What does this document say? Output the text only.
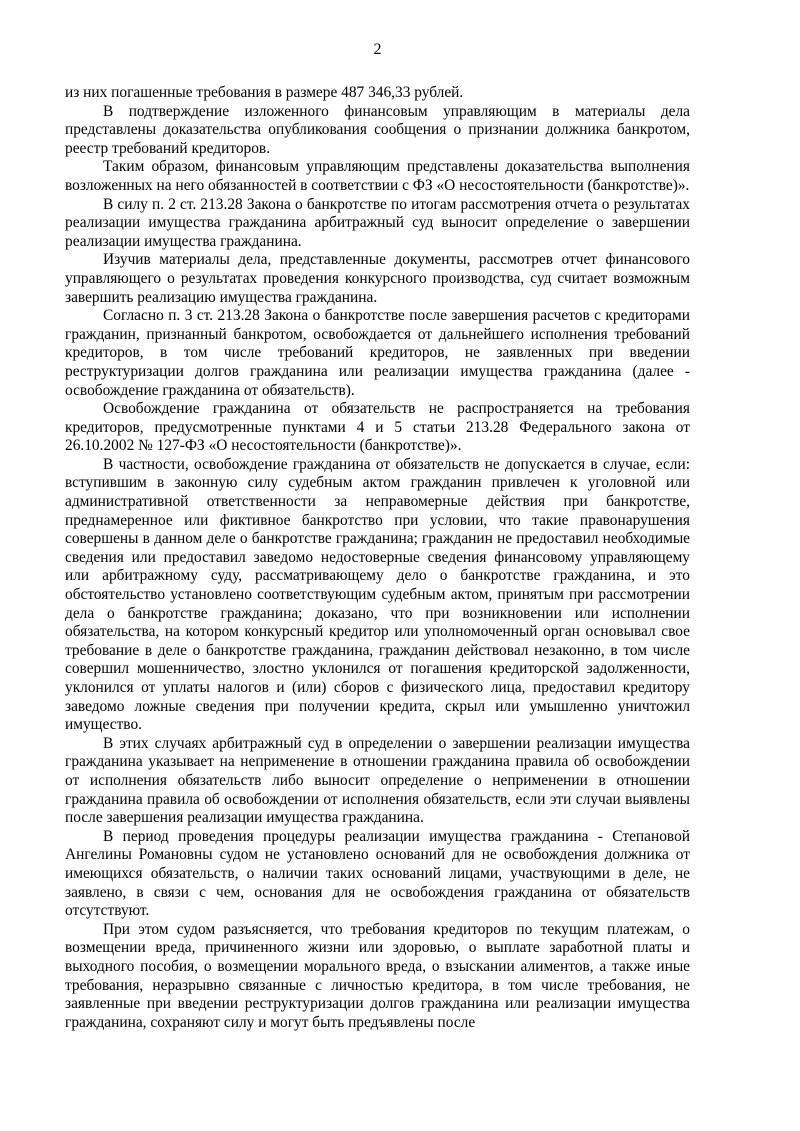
2

из них погашенные требования в размере 487 346,33 рублей.

В подтверждение изложенного финансовым управляющим в материалы дела представлены доказательства опубликования сообщения о признании должника банкротом, реестр требований кредиторов.

Таким образом, финансовым управляющим представлены доказательства выполнения возложенных на него обязанностей в соответствии с ФЗ «О несостоятельности (банкротстве)».

В силу п. 2 ст. 213.28 Закона о банкротстве по итогам рассмотрения отчета о результатах реализации имущества гражданина арбитражный суд выносит определение о завершении реализации имущества гражданина.

Изучив материалы дела, представленные документы, рассмотрев отчет финансового управляющего о результатах проведения конкурсного производства, суд считает возможным завершить реализацию имущества гражданина.

Согласно п. 3 ст. 213.28 Закона о банкротстве после завершения расчетов с кредиторами гражданин, признанный банкротом, освобождается от дальнейшего исполнения требований кредиторов, в том числе требований кредиторов, не заявленных при введении реструктуризации долгов гражданина или реализации имущества гражданина (далее - освобождение гражданина от обязательств).

Освобождение гражданина от обязательств не распространяется на требования кредиторов, предусмотренные пунктами 4 и 5 статьи 213.28 Федерального закона от 26.10.2002 № 127-ФЗ «О несостоятельности (банкротстве)».

В частности, освобождение гражданина от обязательств не допускается в случае, если: вступившим в законную силу судебным актом гражданин привлечен к уголовной или административной ответственности за неправомерные действия при банкротстве, преднамеренное или фиктивное банкротство при условии, что такие правонарушения совершены в данном деле о банкротстве гражданина; гражданин не предоставил необходимые сведения или предоставил заведомо недостоверные сведения финансовому управляющему или арбитражному суду, рассматривающему дело о банкротстве гражданина, и это обстоятельство установлено соответствующим судебным актом, принятым при рассмотрении дела о банкротстве гражданина; доказано, что при возникновении или исполнении обязательства, на котором конкурсный кредитор или уполномоченный орган основывал свое требование в деле о банкротстве гражданина, гражданин действовал незаконно, в том числе совершил мошенничество, злостно уклонился от погашения кредиторской задолженности, уклонился от уплаты налогов и (или) сборов с физического лица, предоставил кредитору заведомо ложные сведения при получении кредита, скрыл или умышленно уничтожил имущество.

В этих случаях арбитражный суд в определении о завершении реализации имущества гражданина указывает на неприменение в отношении гражданина правила об освобождении от исполнения обязательств либо выносит определение о неприменении в отношении гражданина правила об освобождении от исполнения обязательств, если эти случаи выявлены после завершения реализации имущества гражданина.

В период проведения процедуры реализации имущества гражданина - Степановой Ангелины Романовны судом не установлено оснований для не освобождения должника от имеющихся обязательств, о наличии таких оснований лицами, участвующими в деле, не заявлено, в связи с чем, основания для не освобождения гражданина от обязательств отсутствуют.

При этом судом разъясняется, что требования кредиторов по текущим платежам, о возмещении вреда, причиненного жизни или здоровью, о выплате заработной платы и выходного пособия, о возмещении морального вреда, о взыскании алиментов, а также иные требования, неразрывно связанные с личностью кредитора, в том числе требования, не заявленные при введении реструктуризации долгов гражданина или реализации имущества гражданина, сохраняют силу и могут быть предъявлены после
